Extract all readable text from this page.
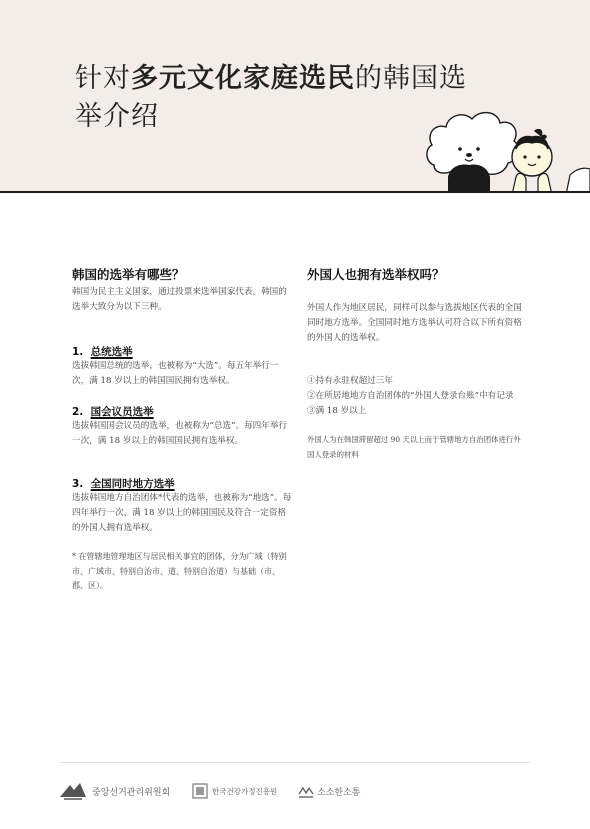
针对多元文化家庭选民的韩国选
举介绍

韩国的选举有哪些？

韩国为民主主义国家，通过投票来选举国家代表。韩国的选举大致分为以下三种。

1. 总统选举

选拔韩国总统的选举，也被称为“大选”。每五年举行一次，满 18 岁以上的韩国国民拥有选举权。

2. 国会议员选举

选拔韩国国会议员的选举，也被称为“总选”。每四年举行一次，满 18 岁以上的韩国国民拥有选举权。

3. 全国同时地方选举

选拔韩国地方自治团体*代表的选举，也被称为“地选”。每四年举行一次，满 18 岁以上的韩国国民及符合一定资格的外国人拥有选举权。
* 在管辖地管理地区与居民相关事宜的团体，分为广域（特别市、广域市、特别自治市、道、特别自治道）与基础（市、郡、区）。

外国人也拥有选举权吗？

外国人作为地区居民，同样可以参与选拔地区代表的全国同时地方选举。全国同时地方选举认可符合以下所有资格的外国人的选举权。
①持有永驻权超过三年
②在所居地地方自治团体的“外国人登录台账”中有记录
③满 18 岁以上
外国人为在韩国滞留超过 90 天以上而于管辖地方自治团体进行外国人登录的材料
중앙선거관리위원회	한국건강가정진흥원	소소한소통
